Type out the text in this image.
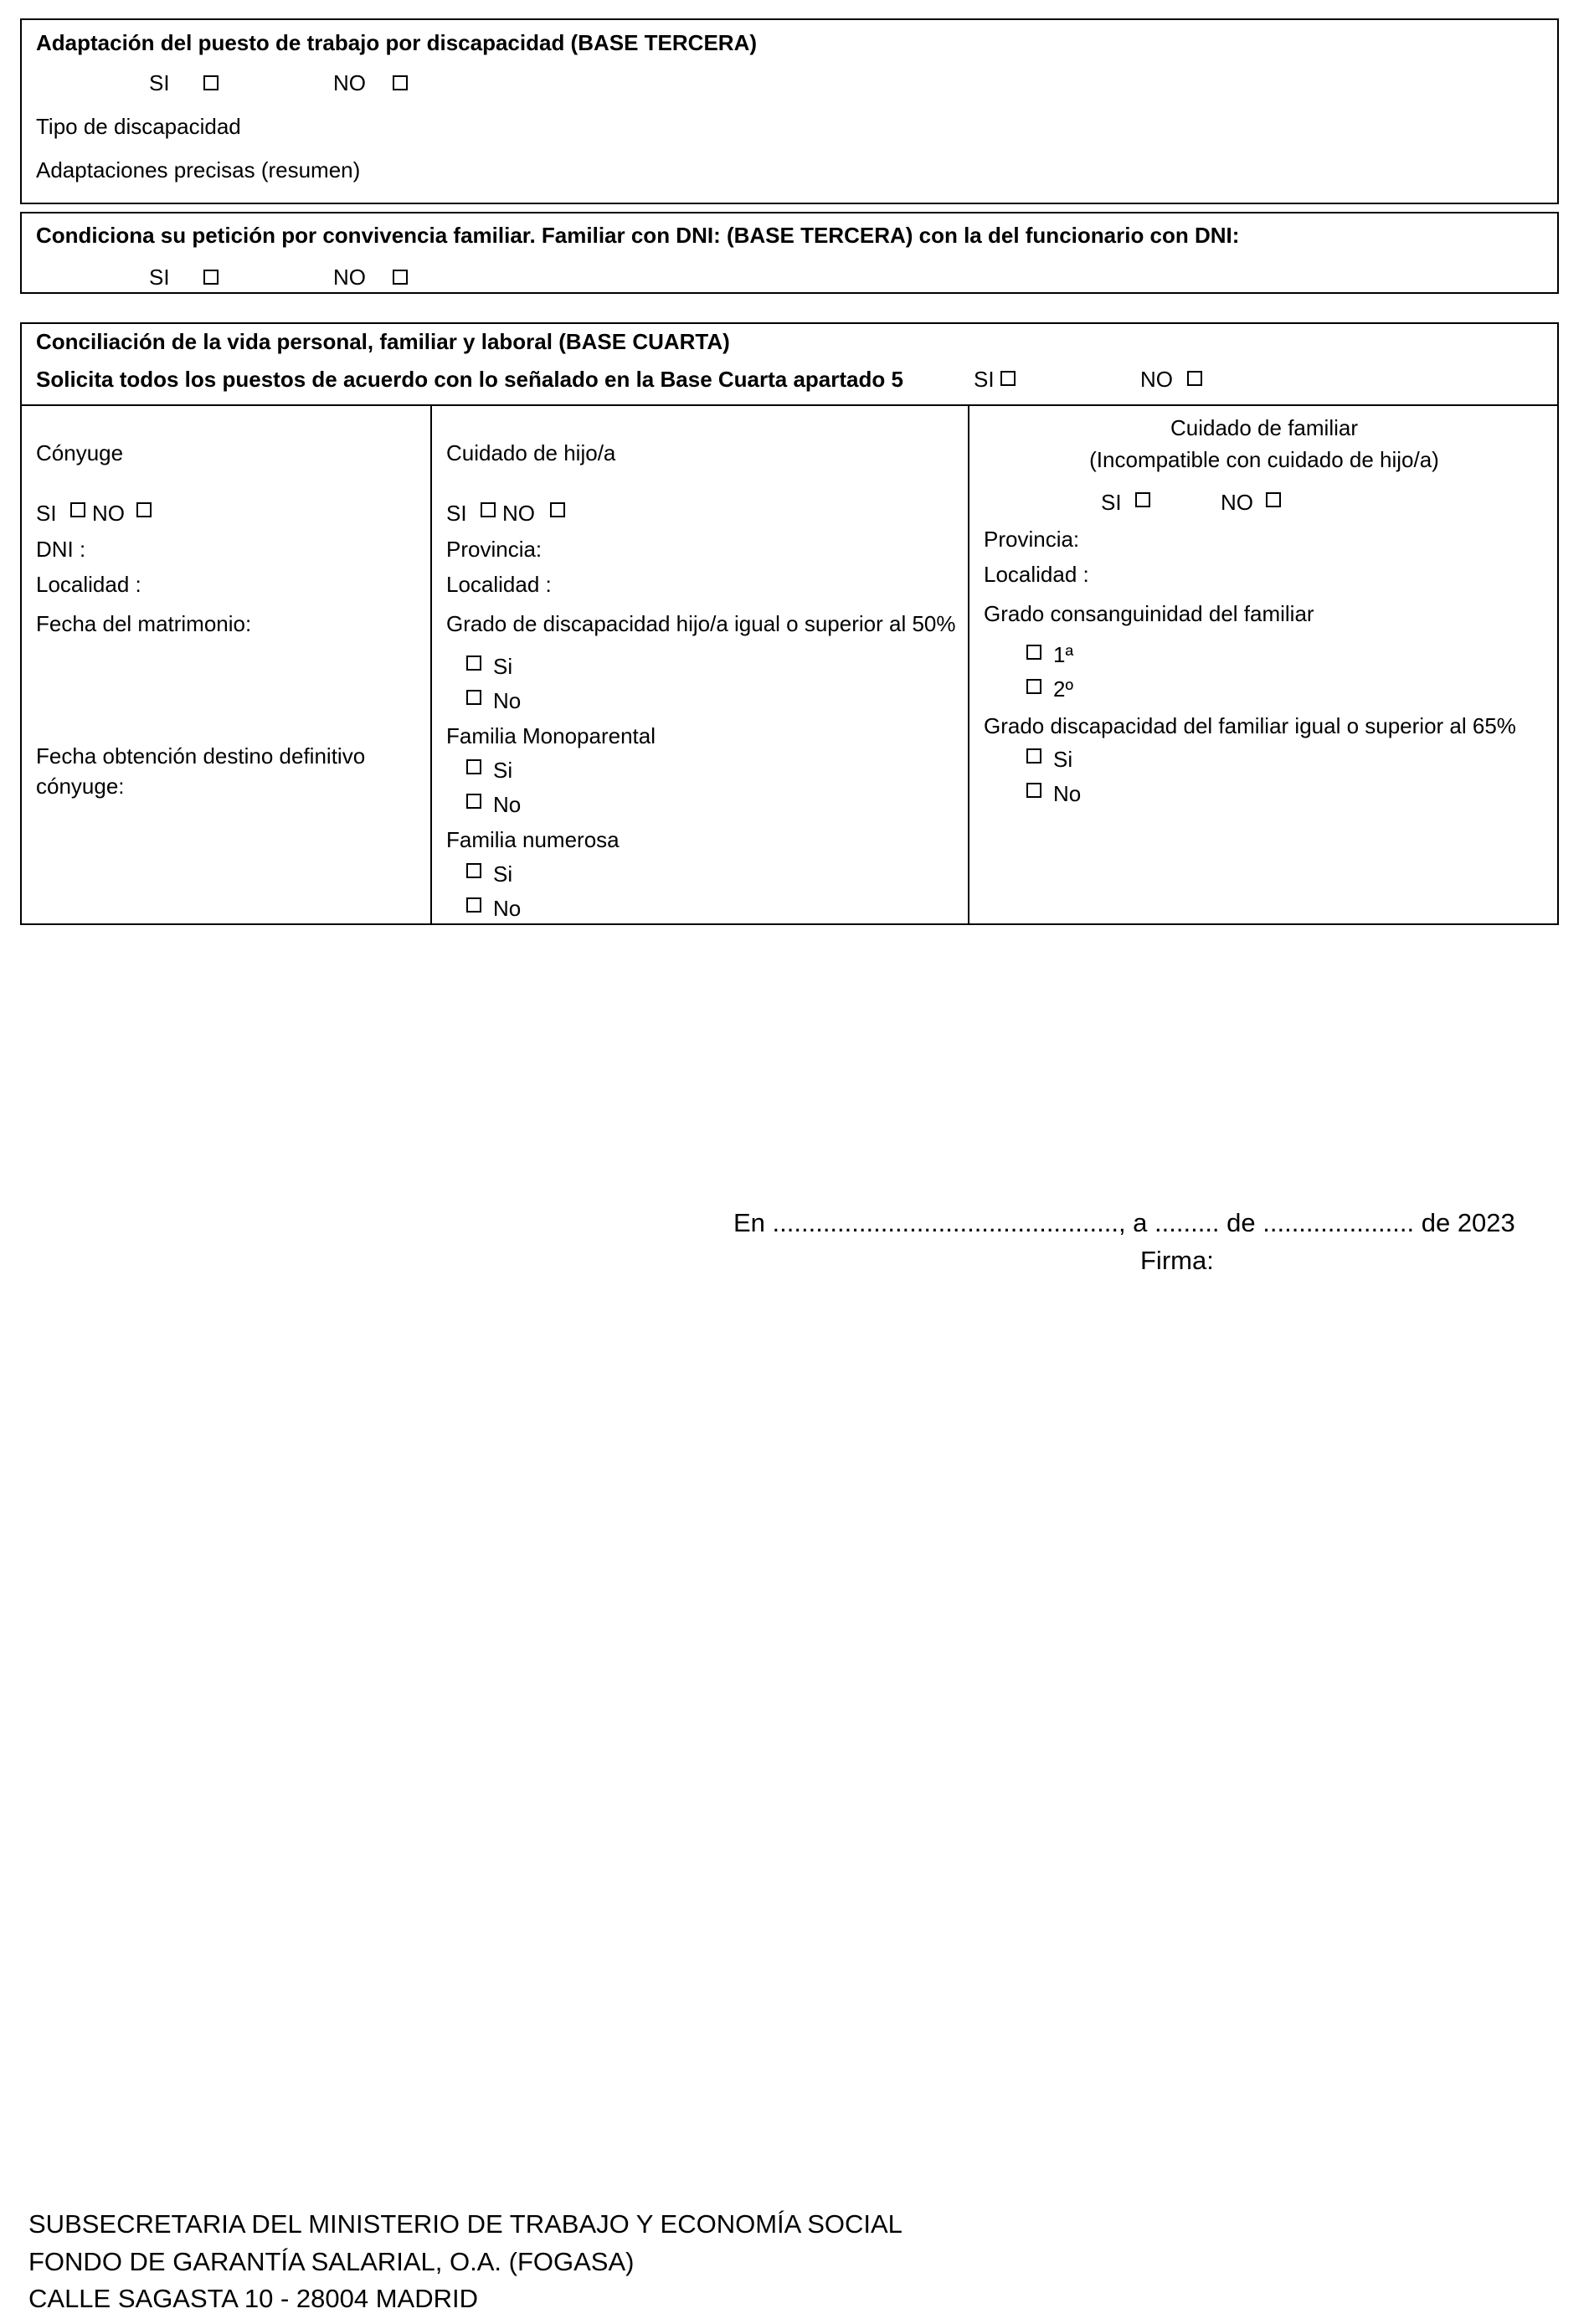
Adaptación del puesto de trabajo por discapacidad (BASE TERCERA)
SI	NO
Tipo de discapacidad
Adaptaciones precisas (resumen)
Condiciona su petición por convivencia familiar. Familiar con DNI: (BASE TERCERA) con la del funcionario con DNI:
SI	NO
Conciliación de la vida personal, familiar y laboral (BASE CUARTA)
Solicita todos los puestos de acuerdo con lo señalado en la Base Cuarta apartado 5	SI	NO
Cónyuge
SI NO
DNI :
Localidad :
Fecha del matrimonio:
Fecha obtención destino definitivo
cónyuge:
Cuidado de hijo/a
SI NO
Provincia:
Localidad :
Grado de discapacidad hijo/a igual o superior al 50%
Si
No
Familia Monoparental
Si
No
Familia numerosa
Si
No
Cuidado de familiar
(Incompatible con cuidado de hijo/a)
SI	NO
Provincia:
Localidad :
Grado consanguinidad del familiar
1ª
2º
Grado discapacidad del familiar igual o superior al 65%
Si
No
En ................................................, a ......... de ..................... de 2023
Firma:
SUBSECRETARIA DEL MINISTERIO DE TRABAJO Y ECONOMÍA SOCIAL
FONDO DE GARANTÍA SALARIAL, O.A. (FOGASA)
CALLE SAGASTA 10 - 28004 MADRID
